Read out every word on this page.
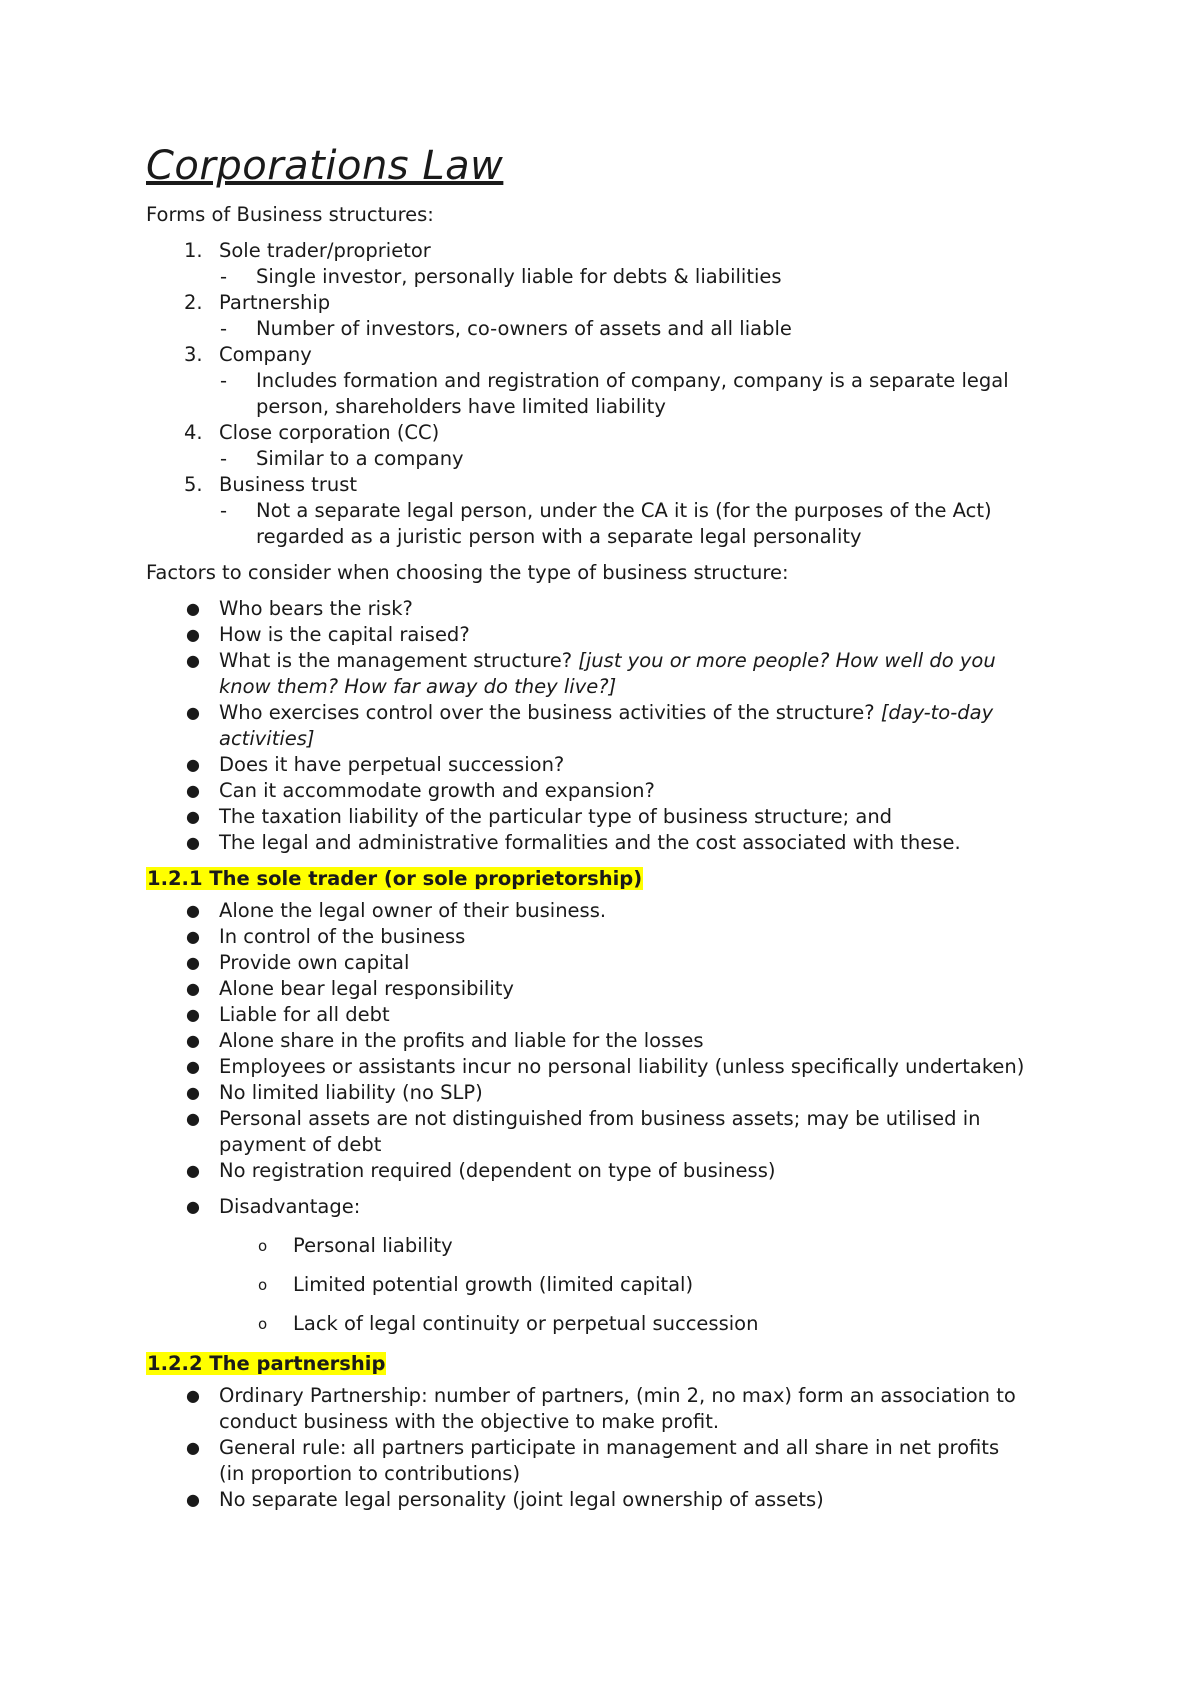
Corporations Law

Forms of Business structures:

1. Sole trader/proprietor
- Single investor, personally liable for debts & liabilities
2. Partnership
- Number of investors, co-owners of assets and all liable
3. Company
- Includes formation and registration of company, company is a separate legal
person, shareholders have limited liability
4. Close corporation (CC)
- Similar to a company
5. Business trust
- Not a separate legal person, under the CA it is (for the purposes of the Act)
regarded as a juristic person with a separate legal personality

Factors to consider when choosing the type of business structure:

● Who bears the risk?
● How is the capital raised?
● What is the management structure? [just you or more people? How well do you
know them? How far away do they live?]
● Who exercises control over the business activities of the structure? [day-to-day
activities]
● Does it have perpetual succession?
● Can it accommodate growth and expansion?
● The taxation liability of the particular type of business structure; and
● The legal and administrative formalities and the cost associated with these.
1.2.1 The sole trader (or sole proprietorship)
● Alone the legal owner of their business.
● In control of the business
● Provide own capital
● Alone bear legal responsibility
● Liable for all debt
● Alone share in the profits and liable for the losses
● Employees or assistants incur no personal liability (unless specifically undertaken)
● No limited liability (no SLP)
● Personal assets are not distinguished from business assets; may be utilised in
payment of debt
● No registration required (dependent on type of business)
● Disadvantage:
o Personal liability
o Limited potential growth (limited capital)
o Lack of legal continuity or perpetual succession
1.2.2 The partnership
● Ordinary Partnership: number of partners, (min 2, no max) form an association to
conduct business with the objective to make profit.
● General rule: all partners participate in management and all share in net profits
(in proportion to contributions)
● No separate legal personality (joint legal ownership of assets)
